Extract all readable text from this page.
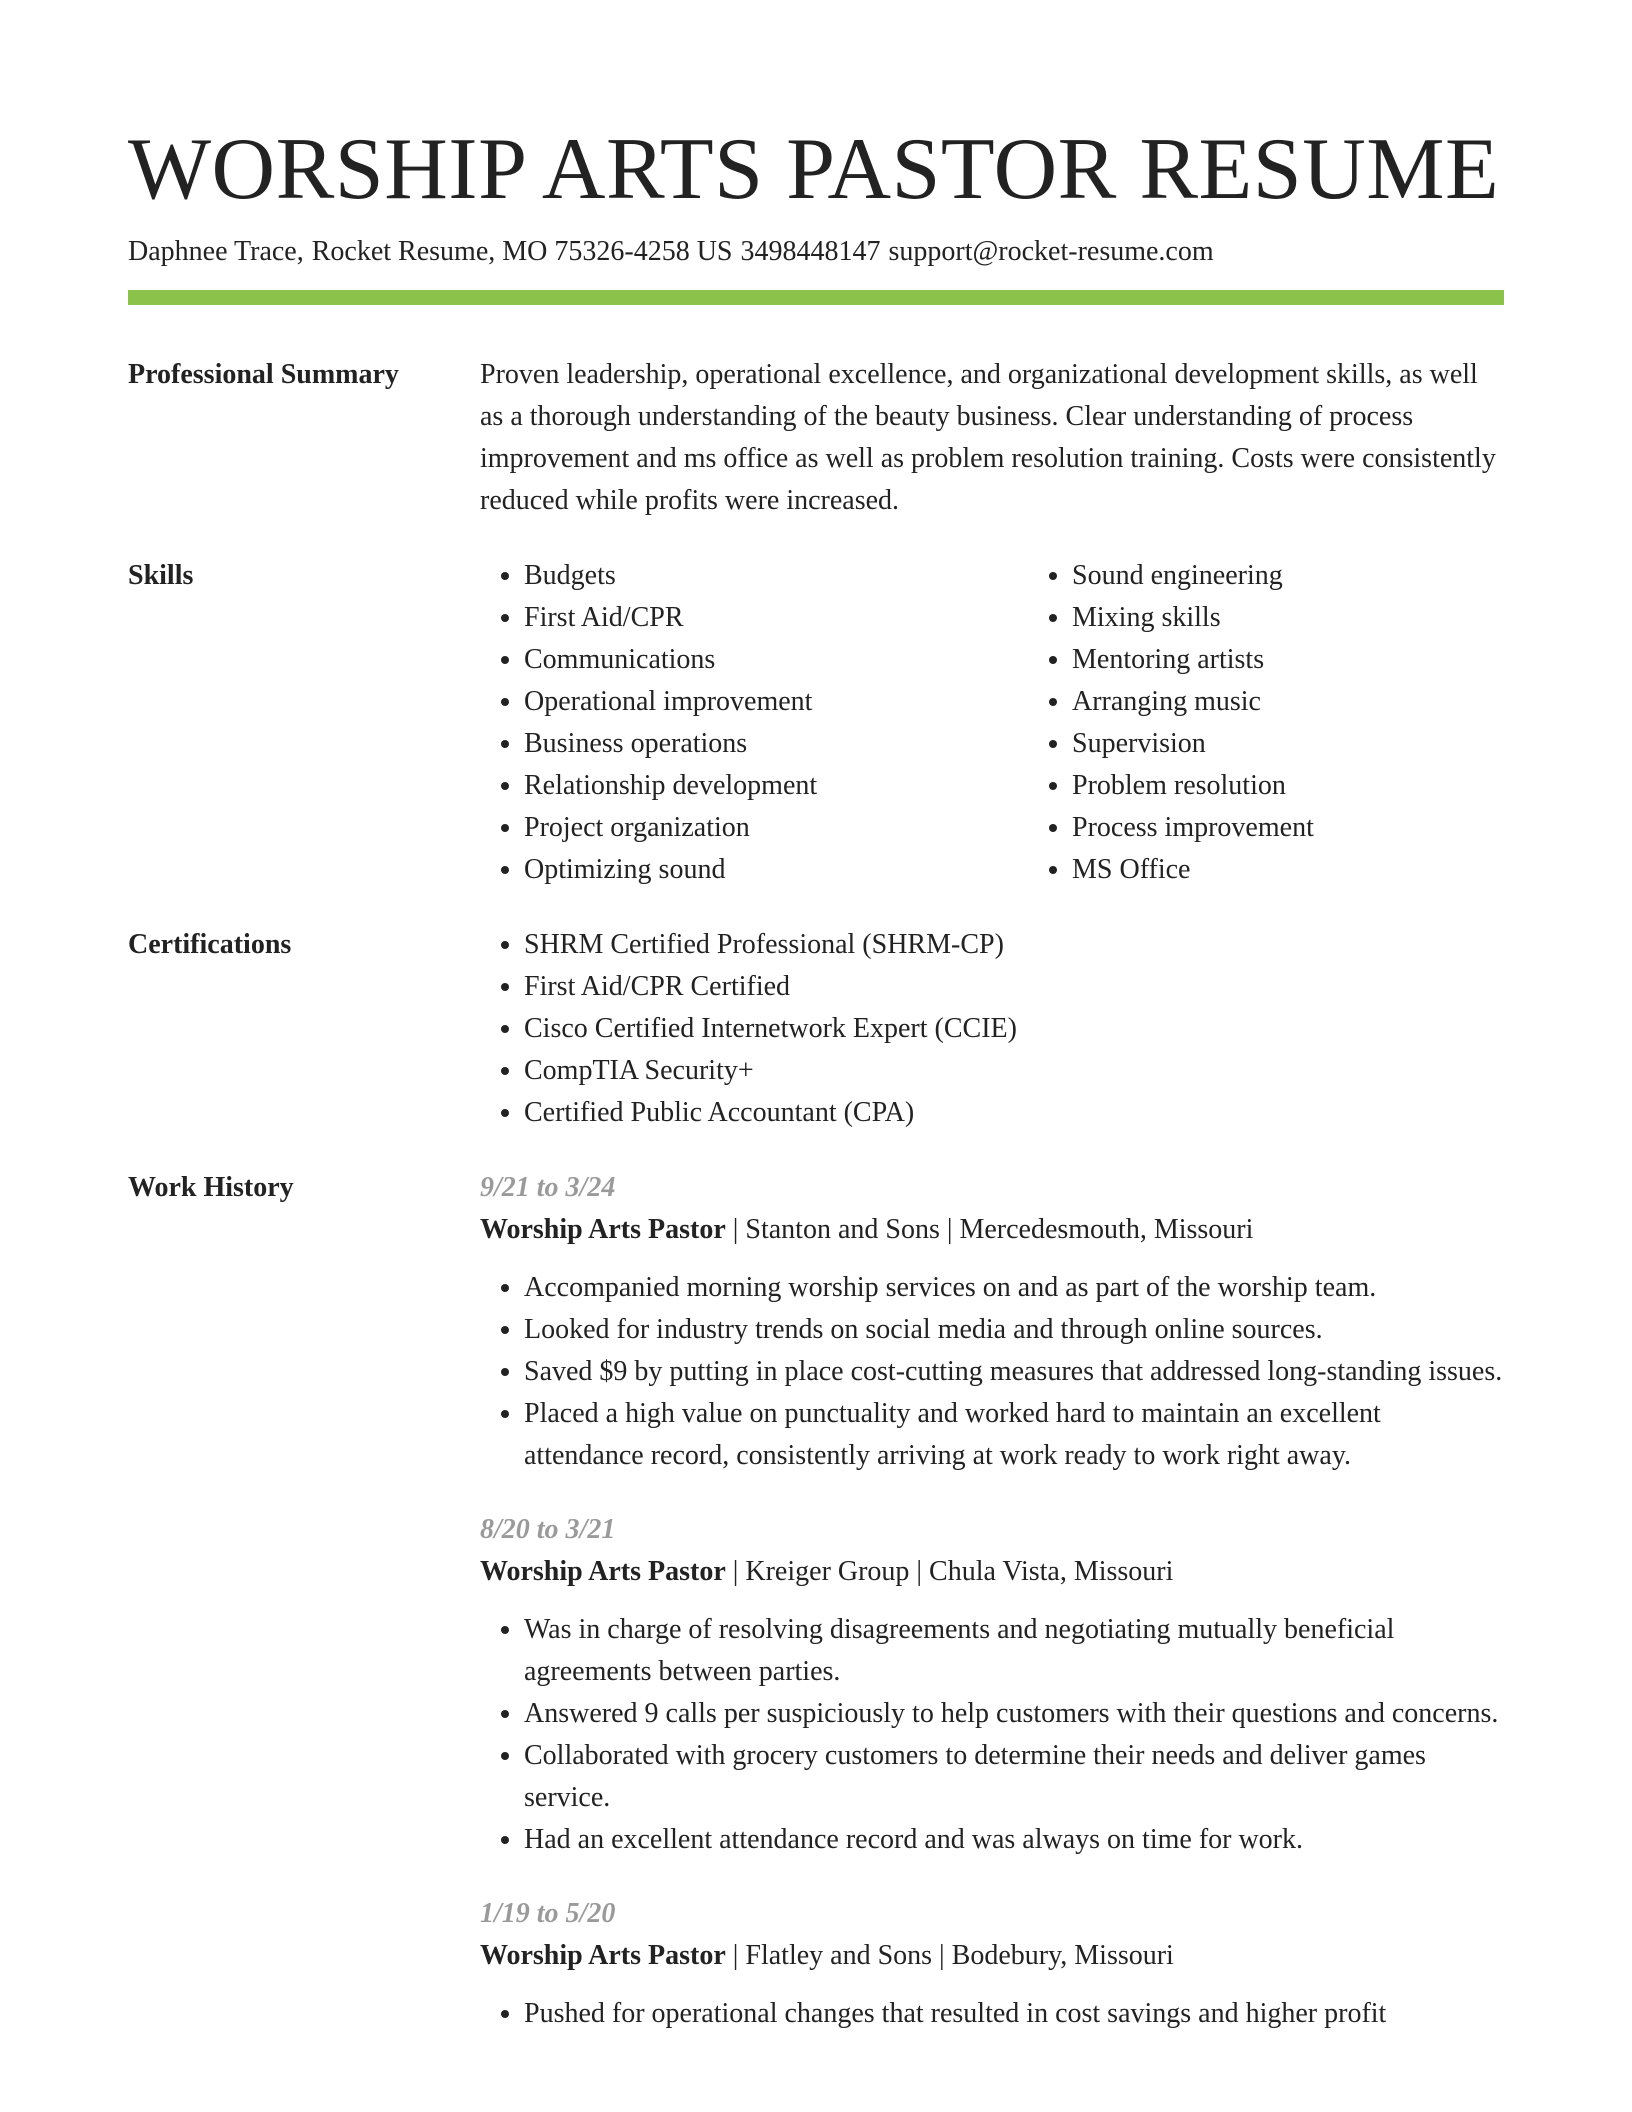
WORSHIP ARTS PASTOR RESUME
Daphnee Trace, Rocket Resume, MO 75326-4258 US 3498448147 support@rocket-resume.com
Professional Summary	Proven leadership, operational excellence, and organizational development skills, as well as a thorough understanding of the beauty business. Clear understanding of process improvement and ms office as well as problem resolution training. Costs were consistently reduced while profits were increased.
Skills	• Budgets
• First Aid/CPR
• Communications
• Operational improvement
• Business operations
• Relationship development
• Project organization
• Optimizing sound
• Sound engineering
• Mixing skills
• Mentoring artists
• Arranging music
• Supervision
• Problem resolution
• Process improvement
• MS Office
Certifications	• SHRM Certified Professional (SHRM-CP)
• First Aid/CPR Certified
• Cisco Certified Internetwork Expert (CCIE)
• CompTIA Security+
• Certified Public Accountant (CPA)
Work History	9/21 to 3/24
Worship Arts Pastor | Stanton and Sons | Mercedesmouth, Missouri
• Accompanied morning worship services on and as part of the worship team.
• Looked for industry trends on social media and through online sources.
• Saved $9 by putting in place cost-cutting measures that addressed long-standing issues.
• Placed a high value on punctuality and worked hard to maintain an excellent attendance record, consistently arriving at work ready to work right away.
8/20 to 3/21
Worship Arts Pastor | Kreiger Group | Chula Vista, Missouri
• Was in charge of resolving disagreements and negotiating mutually beneficial agreements between parties.
• Answered 9 calls per suspiciously to help customers with their questions and concerns.
• Collaborated with grocery customers to determine their needs and deliver games service.
• Had an excellent attendance record and was always on time for work.
1/19 to 5/20
Worship Arts Pastor | Flatley and Sons | Bodebury, Missouri
• Pushed for operational changes that resulted in cost savings and higher profit
